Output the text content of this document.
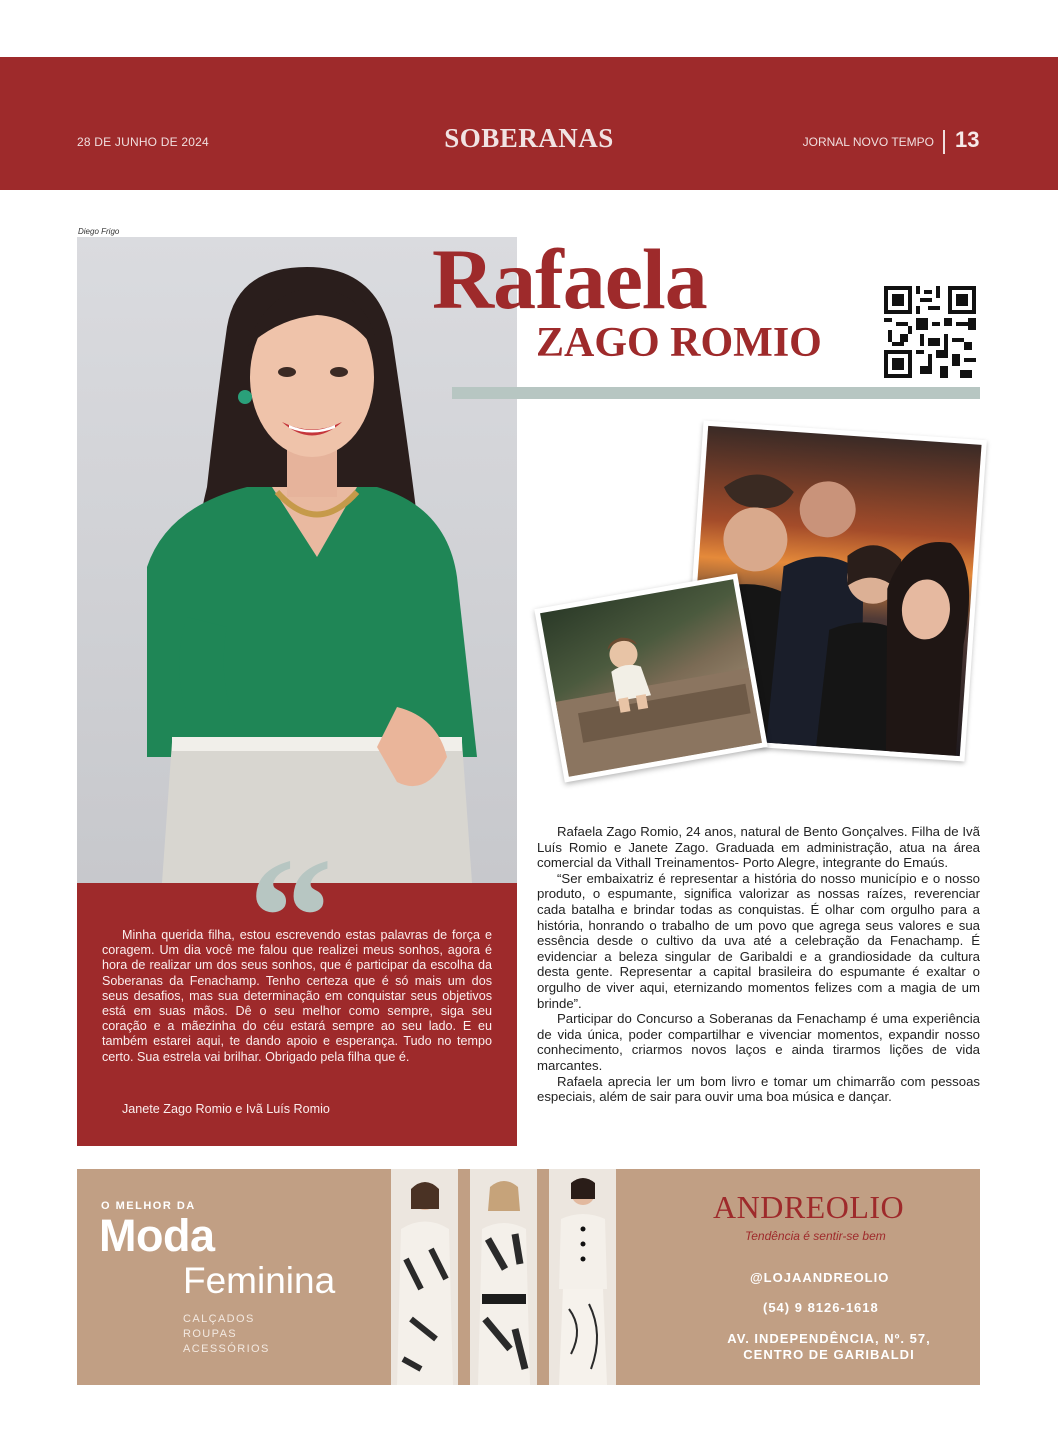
28 DE JUNHO DE 2024	SOBERANAS	JORNAL NOVO TEMPO 13
Diego Frigo	Rafaela
ZAGO ROMIO
“

Minha querida filha, estou escrevendo estas palavras de força e coragem. Um dia você me falou que realizei meus sonhos, agora é hora de realizar um dos seus sonhos, que é participar da escolha da Soberanas da Fenachamp. Tenho certeza que é só mais um dos seus desafios, mas sua determinação em conquistar seus objetivos está em suas mãos. Dê o seu melhor como sempre, siga seu coração e a mãezinha do céu estará sempre ao seu lado. E eu também estarei aqui, te dando apoio e esperança. Tudo no tempo certo. Sua estrela vai brilhar. Obrigado pela filha que é.

Janete Zago Romio e Ivã Luís Romio

Rafaela Zago Romio, 24 anos, natural de Bento Gonçalves. Filha de Ivã Luís Romio e Janete Zago. Graduada em administração, atua na área comercial da Vithall Treinamentos- Porto Alegre, integrante do Emaús.

“Ser embaixatriz é representar a história do nosso município e o nosso produto, o espumante, significa valorizar as nossas raízes, reverenciar cada batalha e brindar todas as conquistas. É olhar com orgulho para a história, honrando o trabalho de um povo que agrega seus valores e sua essência desde o cultivo da uva até a celebração da Fenachamp. É evidenciar a beleza singular de Garibaldi e a grandiosidade da cultura desta gente. Representar a capital brasileira do espumante é exaltar o orgulho de viver aqui, eternizando momentos felizes com a magia de um brinde”.

Participar do Concurso a Soberanas da Fenachamp é uma experiência de vida única, poder compartilhar e vivenciar momentos, expandir nosso conhecimento, criarmos novos laços e ainda tirarmos lições de vida marcantes.

Rafaela aprecia ler um bom livro e tomar um chimarrão com pessoas especiais, além de sair para ouvir uma boa música e dançar.

O MELHOR DA
Moda
Feminina
CALÇADOS
ROUPAS
ACESSÓRIOS
ANDREOLIO
Tendência é sentir-se bem
@LOJAANDREOLIO
(54) 9 8126-1618
AV. INDEPENDÊNCIA, Nº. 57,
CENTRO DE GARIBALDI
